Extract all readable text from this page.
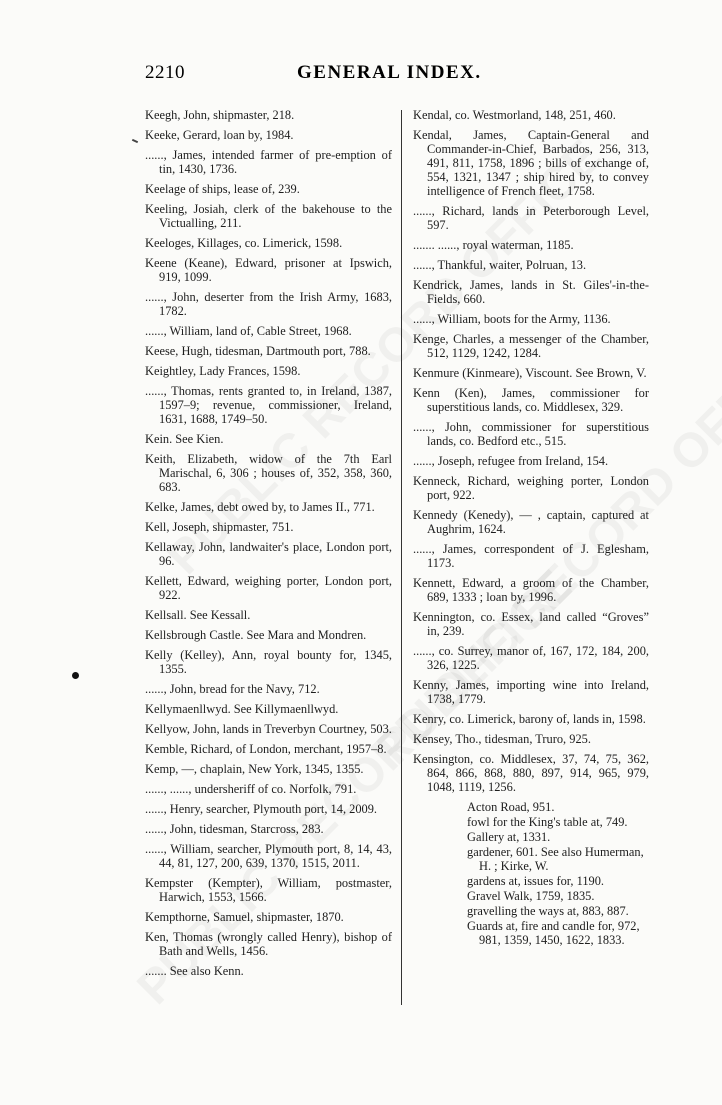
2210	GENERAL INDEX.
Keegh, John, shipmaster, 218.
Keeke, Gerard, loan by, 1984.
......, James, intended farmer of pre-emption of tin, 1430, 1736.
Keelage of ships, lease of, 239.
Keeling, Josiah, clerk of the bakehouse to the Victualling, 211.
Keeloges, Killages, co. Limerick, 1598.
Keene (Keane), Edward, prisoner at Ipswich, 919, 1099.
......, John, deserter from the Irish Army, 1683, 1782.
......, William, land of, Cable Street, 1968.
Keese, Hugh, tidesman, Dartmouth port, 788.
Keightley, Lady Frances, 1598.
......, Thomas, rents granted to, in Ireland, 1387, 1597–9; revenue, commissioner, Ireland, 1631, 1688, 1749–50.
Kein. See Kien.
Keith, Elizabeth, widow of the 7th Earl Marischal, 6, 306 ; houses of, 352, 358, 360, 683.
Kelke, James, debt owed by, to James II., 771.
Kell, Joseph, shipmaster, 751.
Kellaway, John, landwaiter's place, London port, 96.
Kellett, Edward, weighing porter, London port, 922.
Kellsall. See Kessall.
Kellsbrough Castle. See Mara and Mondren.
Kelly (Kelley), Ann, royal bounty for, 1345, 1355.
......, John, bread for the Navy, 712.
Kellymaenllwyd. See Killymaenllwyd.
Kellyow, John, lands in Treverbyn Courtney, 503.
Kemble, Richard, of London, merchant, 1957–8.
Kemp, —, chaplain, New York, 1345, 1355.
......, ......, undersheriff of co. Norfolk, 791.
......, Henry, searcher, Plymouth port, 14, 2009.
......, John, tidesman, Starcross, 283.
......, William, searcher, Plymouth port, 8, 14, 43, 44, 81, 127, 200, 639, 1370, 1515, 2011.
Kempster (Kempter), William, postmaster, Harwich, 1553, 1566.
Kempthorne, Samuel, shipmaster, 1870.
Ken, Thomas (wrongly called Henry), bishop of Bath and Wells, 1456.
....... See also Kenn.
Kendal, co. Westmorland, 148, 251, 460.
Kendal, James, Captain-General and Commander-in-Chief, Barbados, 256, 313, 491, 811, 1758, 1896 ; bills of exchange of, 554, 1321, 1347 ; ship hired by, to convey intelligence of French fleet, 1758.
......, Richard, lands in Peterborough Level, 597.
....... ......, royal waterman, 1185.
......, Thankful, waiter, Polruan, 13.
Kendrick, James, lands in St. Giles'-in-the-Fields, 660.
......, William, boots for the Army, 1136.
Kenge, Charles, a messenger of the Chamber, 512, 1129, 1242, 1284.
Kenmure (Kinmeare), Viscount. See Brown, V.
Kenn (Ken), James, commissioner for superstitious lands, co. Middlesex, 329.
......, John, commissioner for superstitious lands, co. Bedford etc., 515.
......, Joseph, refugee from Ireland, 154.
Kenneck, Richard, weighing porter, London port, 922.
Kennedy (Kenedy), — , captain, captured at Aughrim, 1624.
......, James, correspondent of J. Eglesham, 1173.
Kennett, Edward, a groom of the Chamber, 689, 1333 ; loan by, 1996.
Kennington, co. Essex, land called “Groves” in, 239.
......, co. Surrey, manor of, 167, 172, 184, 200, 326, 1225.
Kenny, James, importing wine into Ireland, 1738, 1779.
Kenry, co. Limerick, barony of, lands in, 1598.
Kensey, Tho., tidesman, Truro, 925.
Kensington, co. Middlesex, 37, 74, 75, 362, 864, 866, 868, 880, 897, 914, 965, 979, 1048, 1119, 1256.
Acton Road, 951.
fowl for the King's table at, 749.
Gallery at, 1331.
gardener, 601. See also Humerman, H. ; Kirke, W.
gardens at, issues for, 1190.
Gravel Walk, 1759, 1835.
gravelling the ways at, 883, 887.
Guards at, fire and candle for, 972, 981, 1359, 1450, 1622, 1833.
